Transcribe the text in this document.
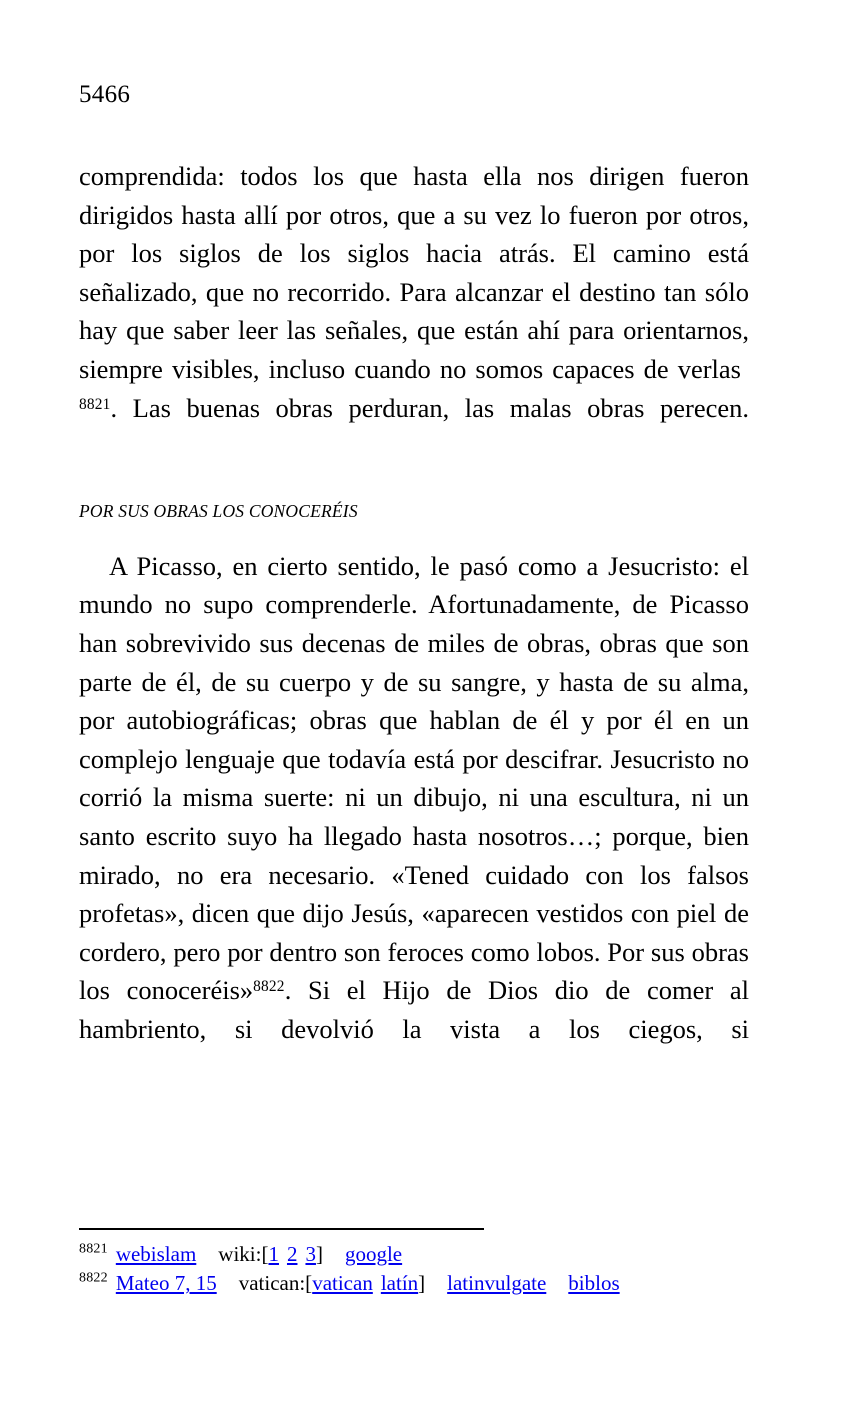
5466

comprendida: todos los que hasta ella nos dirigen fueron dirigidos hasta allí por otros, que a su vez lo fueron por otros, por los siglos de los siglos hacia atrás. El camino está señalizado, que no recorrido. Para alcanzar el destino tan sólo hay que saber leer las señales, que están ahí para orientarnos, siempre visibles, incluso cuando no somos capaces de verlas$^{8821}$. Las buenas obras perduran, las malas obras perecen.

POR SUS OBRAS LOS CONOCERÉIS

A Picasso, en cierto sentido, le pasó como a Jesucristo: el mundo no supo comprenderle. Afortunadamente, de Picasso han sobrevivido sus decenas de miles de obras, obras que son parte de él, de su cuerpo y de su sangre, y hasta de su alma, por autobiográficas; obras que hablan de él y por él en un complejo lenguaje que todavía está por descifrar. Jesucristo no corrió la misma suerte: ni un dibujo, ni una escultura, ni un santo escrito suyo ha llegado hasta nosotros…; porque, bien mirado, no era necesario. «Tened cuidado con los falsos profetas», dicen que dijo Jesús, «aparecen vestidos con piel de cordero, pero por dentro son feroces como lobos. Por sus obras los conoceréis»$^{8822}$. Si el Hijo de Dios dio de comer al hambriento, si devolvió la vista a los ciegos, si

$^{8821}$ webislam wiki:[1 2 3] google
$^{8822}$ Mateo 7, 15 vatican:[vatican latín] latinvulgate biblos
